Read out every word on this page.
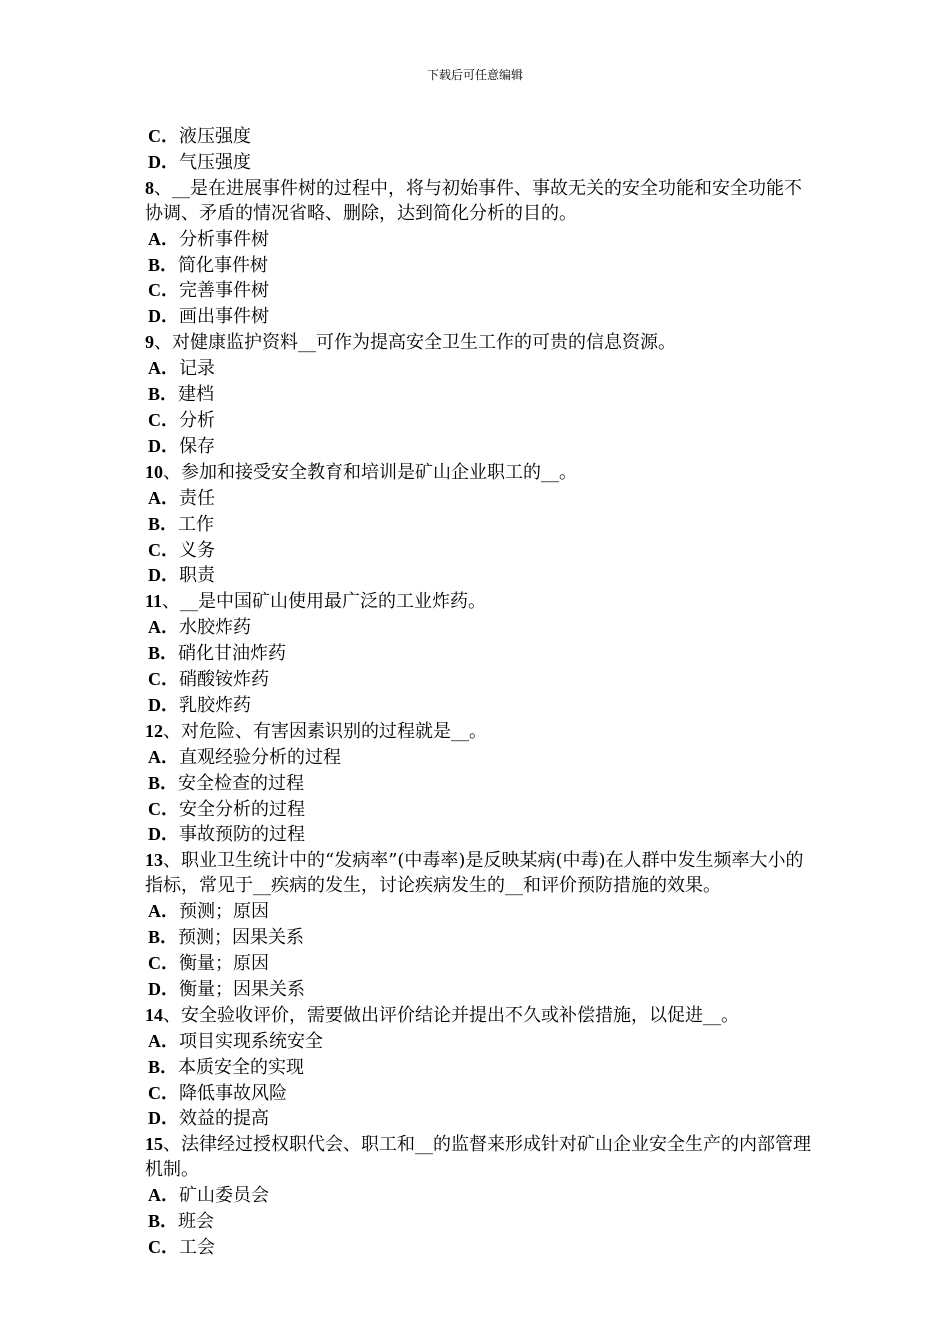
下载后可任意编辑
C．液压强度
D．气压强度
8、__是在进展事件树的过程中，将与初始事件、事故无关的安全功能和安全功能不协调、矛盾的情况省略、删除，达到简化分析的目的。
A．分析事件树
B．简化事件树
C．完善事件树
D．画出事件树
9、对健康监护资料__可作为提高安全卫生工作的可贵的信息资源。
A．记录
B．建档
C．分析
D．保存
10、参加和接受安全教育和培训是矿山企业职工的__。
A．责任
B．工作
C．义务
D．职责
11、__是中国矿山使用最广泛的工业炸药。
A．水胶炸药
B．硝化甘油炸药
C．硝酸铵炸药
D．乳胶炸药
12、对危险、有害因素识别的过程就是__。
A．直观经验分析的过程
B．安全检查的过程
C．安全分析的过程
D．事故预防的过程
13、职业卫生统计中的“发病率”(中毒率)是反映某病(中毒)在人群中发生频率大小的指标，常见于__疾病的发生，讨论疾病发生的__和评价预防措施的效果。
A．预测；原因
B．预测；因果关系
C．衡量；原因
D．衡量；因果关系
14、安全验收评价，需要做出评价结论并提出不久或补偿措施，以促进__。
A．项目实现系统安全
B．本质安全的实现
C．降低事故风险
D．效益的提高
15、法律经过授权职代会、职工和__的监督来形成针对矿山企业安全生产的内部管理机制。
A．矿山委员会
B．班会
C．工会
